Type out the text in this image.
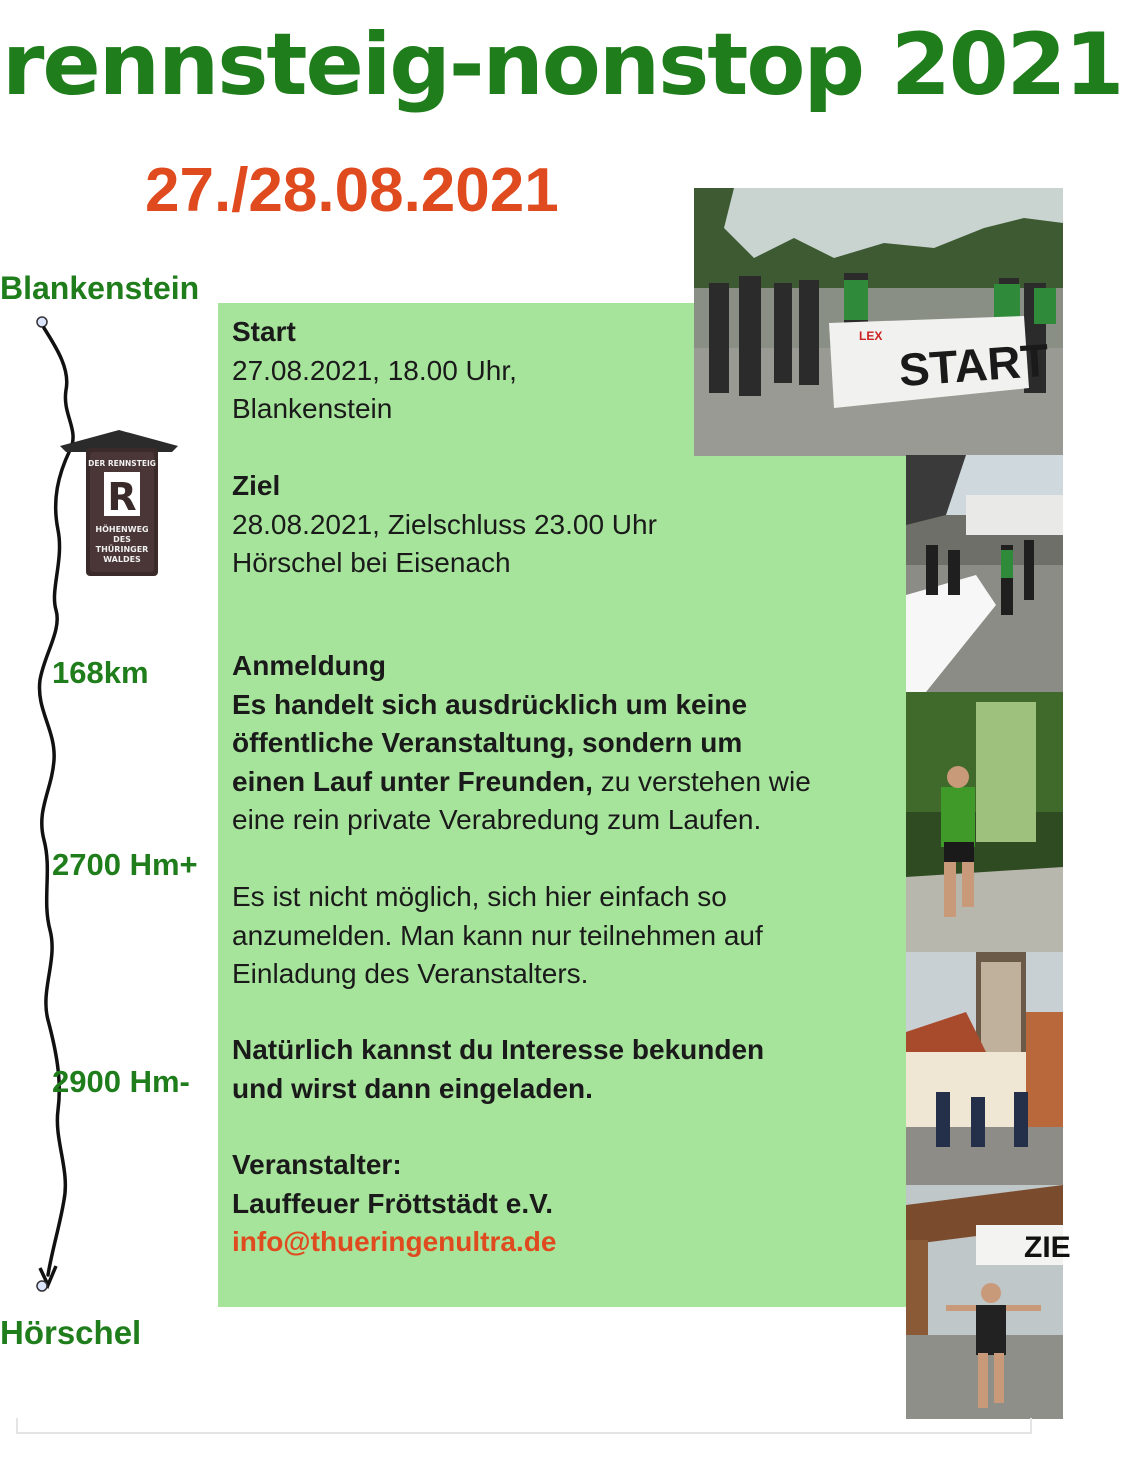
rennsteig-nonstop 2021
27./28.08.2021
Blankenstein
Hörschel
DER RENNSTEIG
R
HÖHENWEG
DES
THÜRINGER
WALDES
168km
2700 Hm+
2900 Hm-
Start
27.08.2021, 18.00 Uhr,
Blankenstein
Ziel
28.08.2021, Zielschluss 23.00 Uhr
Hörschel bei Eisenach
Anmeldung
Es handelt sich ausdrücklich um keine
öffentliche Veranstaltung, sondern um
einen Lauf unter Freunden, zu verstehen wie
eine rein private Verabredung zum Laufen.
Es ist nicht möglich, sich hier einfach so
anzumelden. Man kann nur teilnehmen auf
Einladung des Veranstalters.
Natürlich kannst du Interesse bekunden
und wirst dann eingeladen.
Veranstalter:
Lauffeuer Fröttstädt e.V.
info@thueringenultra.de
LEX START
ZIE
